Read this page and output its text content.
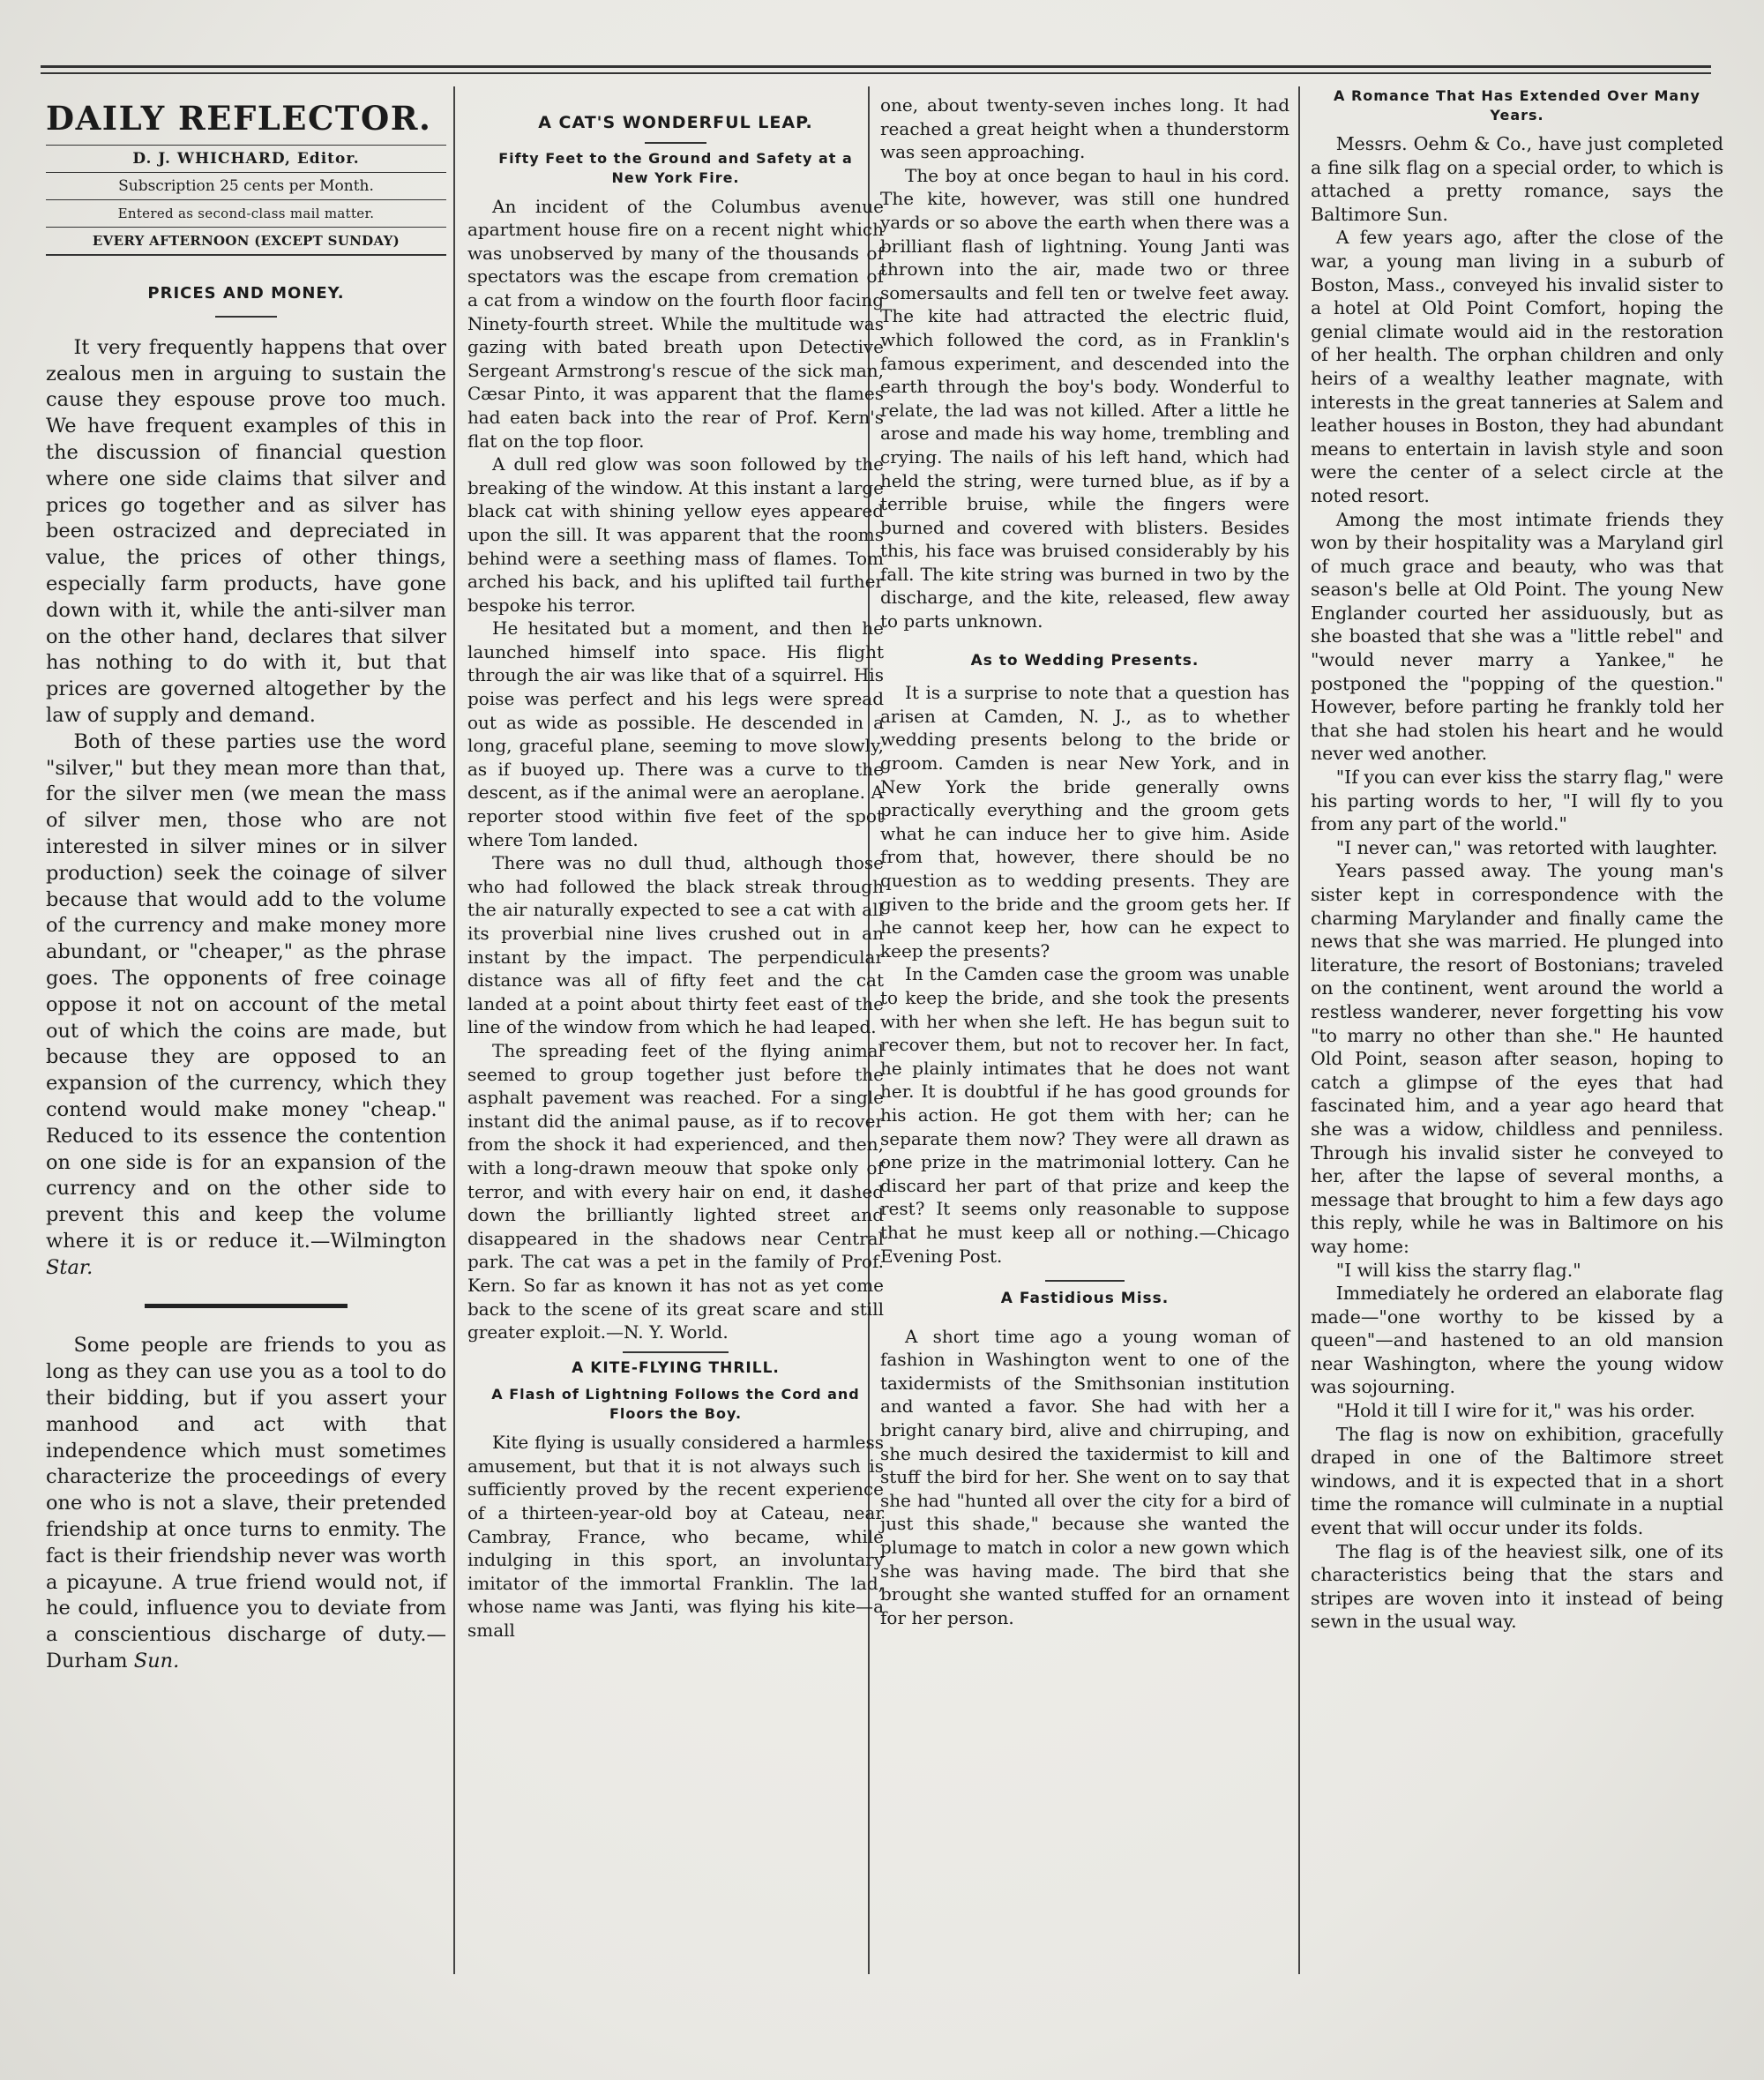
DAILY REFLECTOR.
D. J. WHICHARD, Editor.
Subscription 25 cents per Month.
Entered as second-class mail matter.
EVERY AFTERNOON (EXCEPT SUNDAY)
PRICES AND MONEY.

It very frequently happens that over zealous men in arguing to sustain the cause they espouse prove too much. We have frequent examples of this in the discussion of financial question where one side claims that silver and prices go together and as silver has been ostracized and depreciated in value, the prices of other things, especially farm products, have gone down with it, while the anti-silver man on the other hand, declares that silver has nothing to do with it, but that prices are governed altogether by the law of supply and demand.

Both of these parties use the word "silver," but they mean more than that, for the silver men (we mean the mass of silver men, those who are not interested in silver mines or in silver production) seek the coinage of silver because that would add to the volume of the currency and make money more abundant, or "cheaper," as the phrase goes. The opponents of free coinage oppose it not on account of the metal out of which the coins are made, but because they are opposed to an expansion of the currency, which they contend would make money "cheap." Reduced to its essence the contention on one side is for an expansion of the currency and on the other side to prevent this and keep the volume where it is or reduce it.—Wilmington Star.

Some people are friends to you as long as they can use you as a tool to do their bidding, but if you assert your manhood and act with that independence which must sometimes characterize the proceedings of every one who is not a slave, their pretended friendship at once turns to enmity. The fact is their friendship never was worth a picayune. A true friend would not, if he could, influence you to deviate from a conscientious discharge of duty.—Durham Sun.

A CAT'S WONDERFUL LEAP.
Fifty Feet to the Ground and Safety at a New York Fire.

An incident of the Columbus avenue apartment house fire on a recent night which was unobserved by many of the thousands of spectators was the escape from cremation of a cat from a window on the fourth floor facing Ninety-fourth street. While the multitude was gazing with bated breath upon Detective Sergeant Armstrong's rescue of the sick man, Cæsar Pinto, it was apparent that the flames had eaten back into the rear of Prof. Kern's flat on the top floor.

A dull red glow was soon followed by the breaking of the window. At this instant a large black cat with shining yellow eyes appeared upon the sill. It was apparent that the rooms behind were a seething mass of flames. Tom arched his back, and his uplifted tail further bespoke his terror.

He hesitated but a moment, and then he launched himself into space. His flight through the air was like that of a squirrel. His poise was perfect and his legs were spread out as wide as possible. He descended in a long, graceful plane, seeming to move slowly, as if buoyed up. There was a curve to the descent, as if the animal were an aeroplane. A reporter stood within five feet of the spot where Tom landed.

There was no dull thud, although those who had followed the black streak through the air naturally expected to see a cat with all its proverbial nine lives crushed out in an instant by the impact. The perpendicular distance was all of fifty feet and the cat landed at a point about thirty feet east of the line of the window from which he had leaped.

The spreading feet of the flying animal seemed to group together just before the asphalt pavement was reached. For a single instant did the animal pause, as if to recover from the shock it had experienced, and then, with a long-drawn meouw that spoke only of terror, and with every hair on end, it dashed down the brilliantly lighted street and disappeared in the shadows near Central park. The cat was a pet in the family of Prof. Kern. So far as known it has not as yet come back to the scene of its great scare and still greater exploit.—N. Y. World.

A KITE-FLYING THRILL.
A Flash of Lightning Follows the Cord and Floors the Boy.

Kite flying is usually considered a harmless amusement, but that it is not always such is sufficiently proved by the recent experience of a thirteen-year-old boy at Cateau, near Cambray, France, who became, while indulging in this sport, an involuntary imitator of the immortal Franklin. The lad, whose name was Janti, was flying his kite—a small

one, about twenty-seven inches long. It had reached a great height when a thunderstorm was seen approaching.

The boy at once began to haul in his cord. The kite, however, was still one hundred yards or so above the earth when there was a brilliant flash of lightning. Young Janti was thrown into the air, made two or three somersaults and fell ten or twelve feet away. The kite had attracted the electric fluid, which followed the cord, as in Franklin's famous experiment, and descended into the earth through the boy's body. Wonderful to relate, the lad was not killed. After a little he arose and made his way home, trembling and crying. The nails of his left hand, which had held the string, were turned blue, as if by a terrible bruise, while the fingers were burned and covered with blisters. Besides this, his face was bruised considerably by his fall. The kite string was burned in two by the discharge, and the kite, released, flew away to parts unknown.

As to Wedding Presents.

It is a surprise to note that a question has arisen at Camden, N. J., as to whether wedding presents belong to the bride or groom. Camden is near New York, and in New York the bride generally owns practically everything and the groom gets what he can induce her to give him. Aside from that, however, there should be no question as to wedding presents. They are given to the bride and the groom gets her. If he cannot keep her, how can he expect to keep the presents?

In the Camden case the groom was unable to keep the bride, and she took the presents with her when she left. He has begun suit to recover them, but not to recover her. In fact, he plainly intimates that he does not want her. It is doubtful if he has good grounds for his action. He got them with her; can he separate them now? They were all drawn as one prize in the matrimonial lottery. Can he discard her part of that prize and keep the rest? It seems only reasonable to suppose that he must keep all or nothing.—Chicago Evening Post.

A Fastidious Miss.

A short time ago a young woman of fashion in Washington went to one of the taxidermists of the Smithsonian institution and wanted a favor. She had with her a bright canary bird, alive and chirruping, and she much desired the taxidermist to kill and stuff the bird for her. She went on to say that she had "hunted all over the city for a bird of just this shade," because she wanted the plumage to match in color a new gown which she was having made. The bird that she brought she wanted stuffed for an ornament for her person.

A Romance That Has Extended Over Many Years.

Messrs. Oehm & Co., have just completed a fine silk flag on a special order, to which is attached a pretty romance, says the Baltimore Sun.

A few years ago, after the close of the war, a young man living in a suburb of Boston, Mass., conveyed his invalid sister to a hotel at Old Point Comfort, hoping the genial climate would aid in the restoration of her health. The orphan children and only heirs of a wealthy leather magnate, with interests in the great tanneries at Salem and leather houses in Boston, they had abundant means to entertain in lavish style and soon were the center of a select circle at the noted resort.

Among the most intimate friends they won by their hospitality was a Maryland girl of much grace and beauty, who was that season's belle at Old Point. The young New Englander courted her assiduously, but as she boasted that she was a "little rebel" and "would never marry a Yankee," he postponed the "popping of the question." However, before parting he frankly told her that she had stolen his heart and he would never wed another.

"If you can ever kiss the starry flag," were his parting words to her, "I will fly to you from any part of the world."

"I never can," was retorted with laughter.

Years passed away. The young man's sister kept in correspondence with the charming Marylander and finally came the news that she was married. He plunged into literature, the resort of Bostonians; traveled on the continent, went around the world a restless wanderer, never forgetting his vow "to marry no other than she." He haunted Old Point, season after season, hoping to catch a glimpse of the eyes that had fascinated him, and a year ago heard that she was a widow, childless and penniless. Through his invalid sister he conveyed to her, after the lapse of several months, a message that brought to him a few days ago this reply, while he was in Baltimore on his way home:

"I will kiss the starry flag."

Immediately he ordered an elaborate flag made—"one worthy to be kissed by a queen"—and hastened to an old mansion near Washington, where the young widow was sojourning.

"Hold it till I wire for it," was his order.

The flag is now on exhibition, gracefully draped in one of the Baltimore street windows, and it is expected that in a short time the romance will culminate in a nuptial event that will occur under its folds.

The flag is of the heaviest silk, one of its characteristics being that the stars and stripes are woven into it instead of being sewn in the usual way.
